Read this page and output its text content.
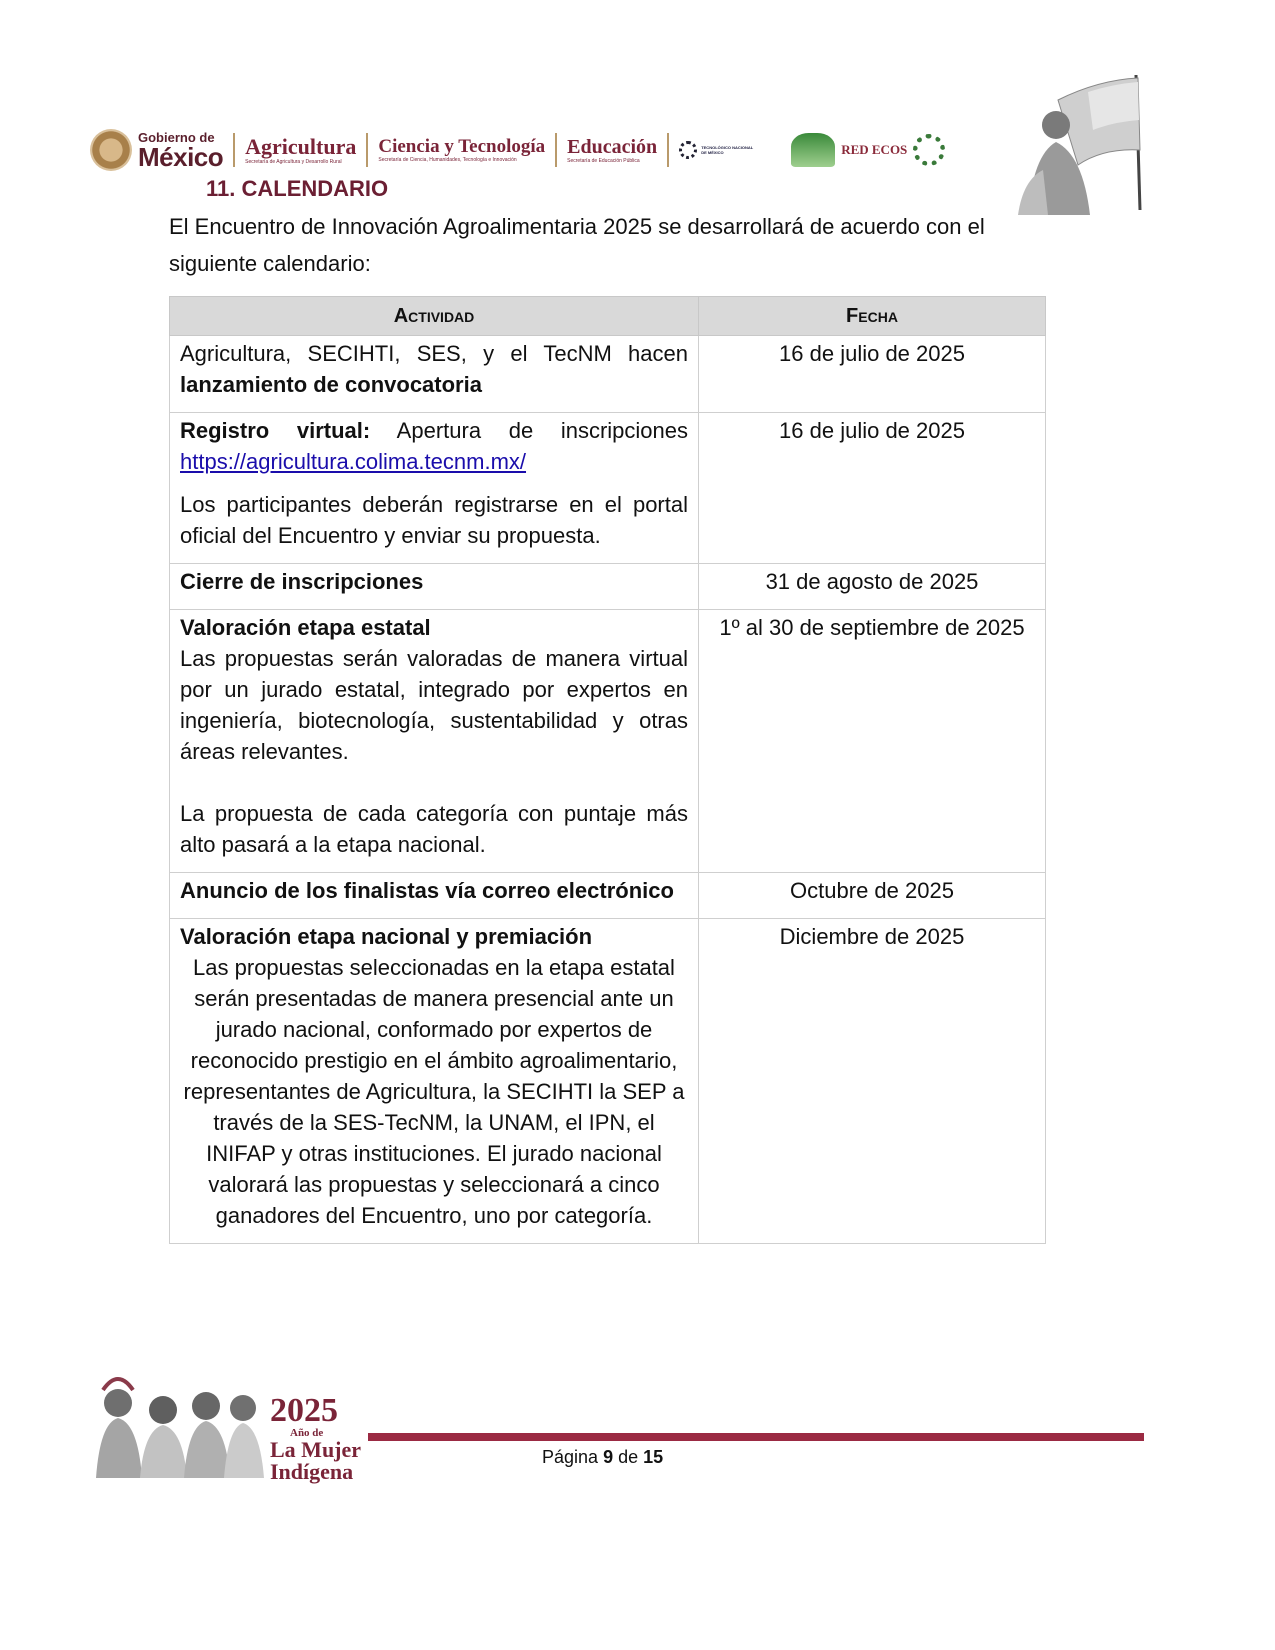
Gobierno de
México Agricultura
Secretaría de Agricultura y Desarrollo Rural
Ciencia y Tecnología
Secretaría de Ciencia, Humanidades, Tecnología e Innovación
Educación
Secretaría de Educación Pública
TECNOLÓGICO NACIONAL DE MÉXICO	RED ECOS
11. CALENDARIO

El Encuentro de Innovación Agroalimentaria 2025 se desarrollará de acuerdo con el siguiente calendario:

Actividad	Fecha
Agricultura, SECIHTI, SES, y el TecNM hacen lanzamiento de convocatoria	16 de julio de 2025
Registro virtual: Apertura de inscripciones https://agricultura.colima.tecnm.mx/
Los participantes deberán registrarse en el portal oficial del Encuentro y enviar su propuesta.	16 de julio de 2025
Cierre de inscripciones	31 de agosto de 2025
Valoración etapa estatal
Las propuestas serán valoradas de manera virtual por un jurado estatal, integrado por expertos en ingeniería, biotecnología, sustentabilidad y otras áreas relevantes.
La propuesta de cada categoría con puntaje más alto pasará a la etapa nacional.	1º al 30 de septiembre de 2025
Anuncio de los finalistas vía correo electrónico	Octubre de 2025
Valoración etapa nacional y premiación
Las propuestas seleccionadas en la etapa estatal serán presentadas de manera presencial ante un jurado nacional, conformado por expertos de reconocido prestigio en el ámbito agroalimentario, representantes de Agricultura, la SECIHTI la SEP a través de la SES-TecNM, la UNAM, el IPN, el INIFAP y otras instituciones. El jurado nacional valorará las propuestas y seleccionará a cinco ganadores del Encuentro, uno por categoría.	Diciembre de 2025
2025
Año de
La Mujer
Indígena
Página 9 de 15
